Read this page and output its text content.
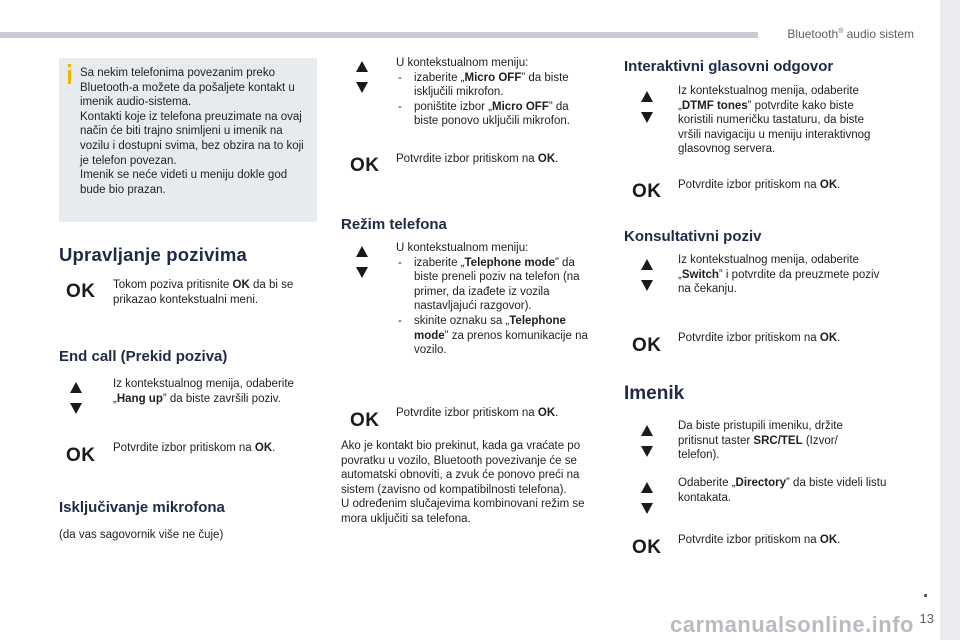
Bluetooth® audio sistem
Sa nekim telefonima povezanim preko Bluetooth-a možete da pošaljete kontakt u imenik audio-sistema.
Kontakti koje iz telefona preuzimate na ovaj način će biti trajno snimljeni u imenik na vozilu i dostupni svima, bez obzira na to koji je telefon povezan.
Imenik se neće videti u meniju dokle god bude bio prazan.
Upravljanje pozivima
OK Tokom poziva pritisnite OK da bi se prikazao kontekstualni meni.
End call (Prekid poziva)
Iz kontekstualnog menija, odaberite „Hang up” da biste završili poziv.
OK Potvrdite izbor pritiskom na OK.
Isključivanje mikrofona
(da vas sagovornik više ne čuje)
U kontekstualnom meniju:
- izaberite „Micro OFF” da biste isključili mikrofon.
- poništite izbor „Micro OFF” da biste ponovo uključili mikrofon.
OK Potvrdite izbor pritiskom na OK.
Režim telefona
U kontekstualnom meniju:
- izaberite „Telephone mode” da biste preneli poziv na telefon (na primer, da izađete iz vozila nastavljajući razgovor).
- skinite oznaku sa „Telephone mode” za prenos komunikacije na vozilo.
OK Potvrdite izbor pritiskom na OK.
Ako je kontakt bio prekinut, kada ga vraćate po povratku u vozilo, Bluetooth povezivanje će se automatski obnoviti, a zvuk će ponovo preći na sistem (zavisno od kompatibilnosti telefona).
U određenim slučajevima kombinovani režim se mora uključiti sa telefona.
Interaktivni glasovni odgovor
Iz kontekstualnog menija, odaberite „DTMF tones” potvrdite kako biste koristili numeričku tastaturu, da biste vršili navigaciju u meniju interaktivnog glasovnog servera.
OK Potvrdite izbor pritiskom na OK.
Konsultativni poziv
Iz kontekstualnog menija, odaberite „Switch” i potvrdite da preuzmete poziv na čekanju.
OK Potvrdite izbor pritiskom na OK.
Imenik
Da biste pristupili imeniku, držite pritisnut taster SRC/TEL (Izvor/ telefon).
Odaberite „Directory” da biste videli listu kontakata.
OK Potvrdite izbor pritiskom na OK.
carmanualsonline.info 13
